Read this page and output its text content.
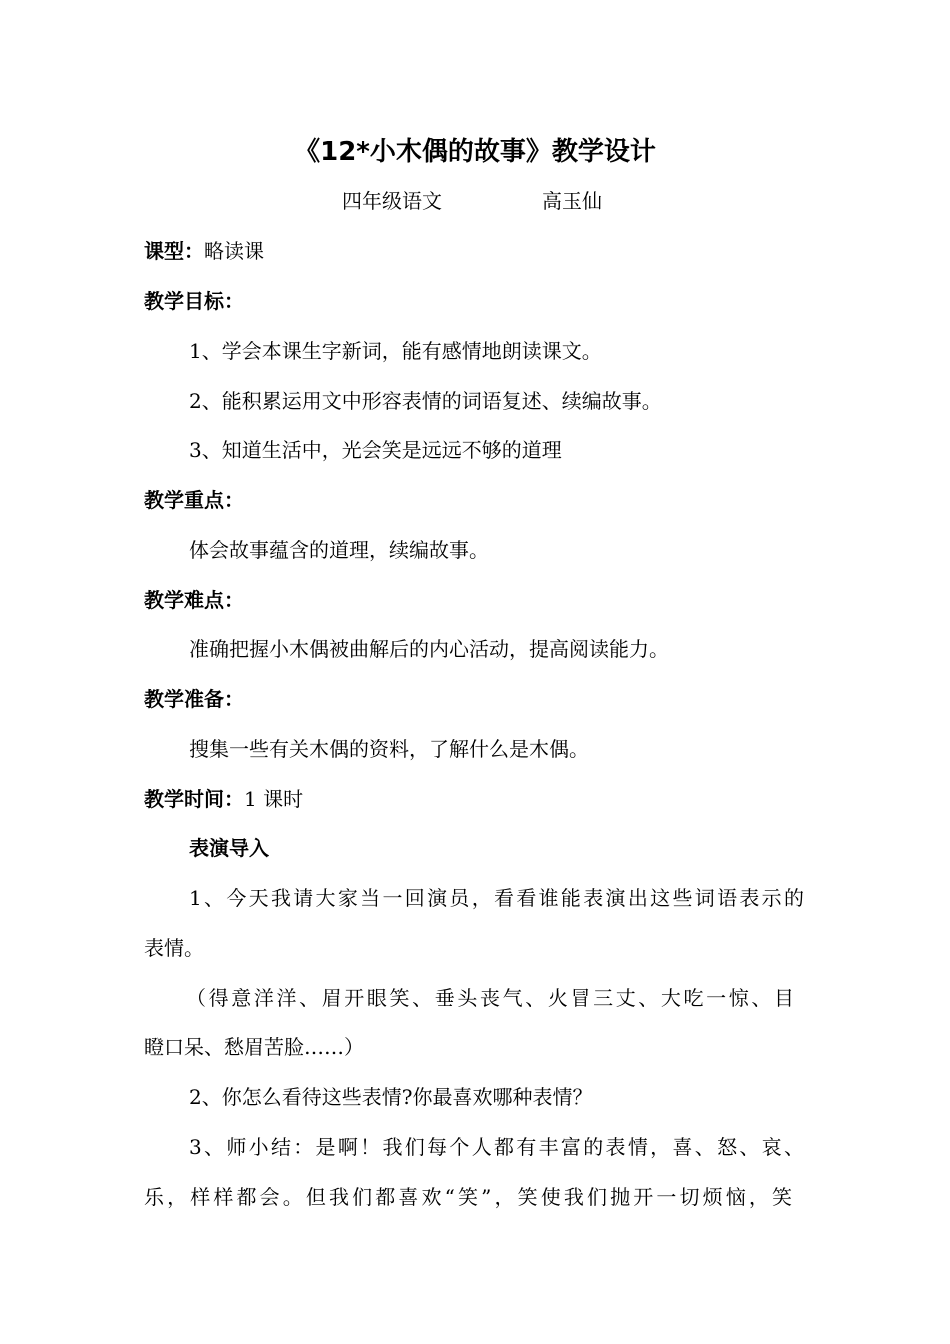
《12*小木偶的故事》教学设计
四年级语文	高玉仙
课型：略读课
教学目标：
1、学会本课生字新词，能有感情地朗读课文。
2、能积累运用文中形容表情的词语复述、续编故事。
3、知道生活中，光会笑是远远不够的道理
教学重点：
体会故事蕴含的道理，续编故事。
教学难点：
准确把握小木偶被曲解后的内心活动，提高阅读能力。
教学准备：
搜集一些有关木偶的资料，了解什么是木偶。
教学时间：1 课时
表演导入
1、今天我请大家当一回演员，看看谁能表演出这些词语表示的
表情。
（得意洋洋、眉开眼笑、垂头丧气、火冒三丈、大吃一惊、目
瞪口呆、愁眉苦脸……）
2、你怎么看待这些表情?你最喜欢哪种表情？
3、师小结：是啊！我们每个人都有丰富的表情，喜、怒、哀、
乐，样样都会。但我们都喜欢“笑”，笑使我们抛开一切烦恼，笑
